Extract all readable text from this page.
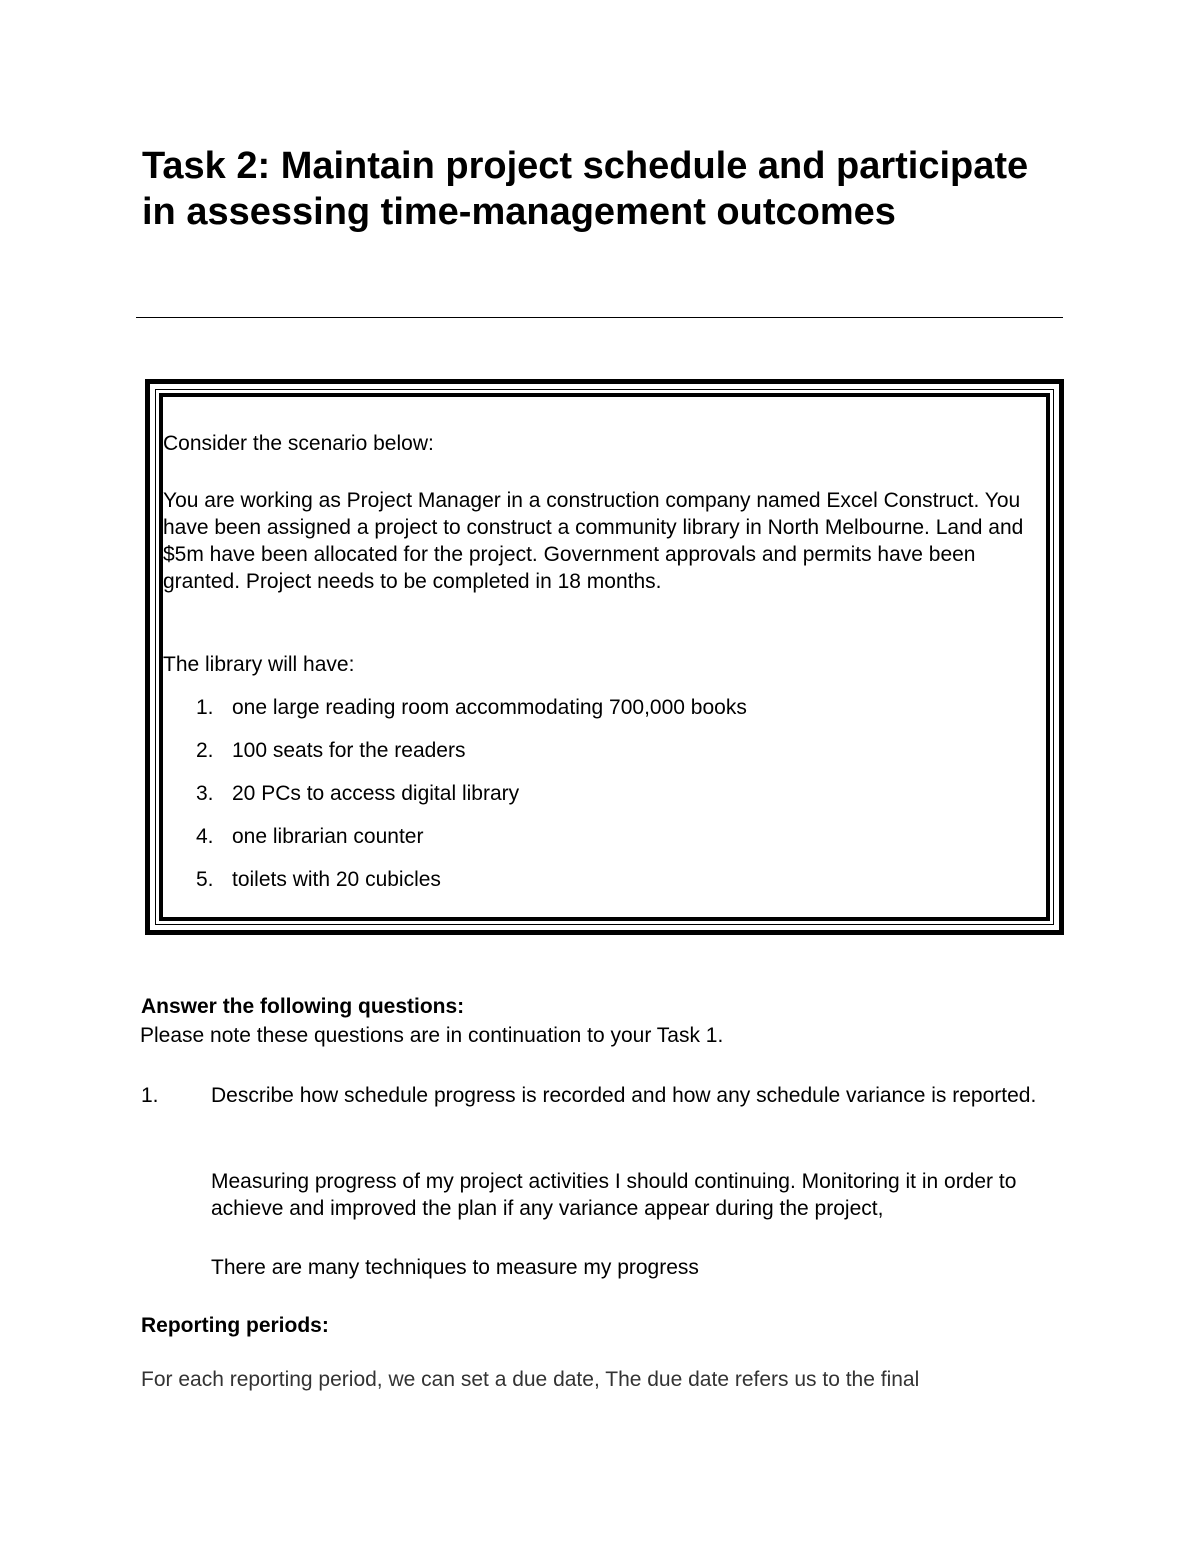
Task 2: Maintain project schedule and participate in assessing time-management outcomes

Consider the scenario below:

You are working as Project Manager in a construction company named Excel Construct. You have been assigned a project to construct a community library in North Melbourne. Land and $5m have been allocated for the project. Government approvals and permits have been granted. Project needs to be completed in 18 months.

The library will have:

1. one large reading room accommodating 700,000 books
2. 100 seats for the readers
3. 20 PCs to access digital library
4. one librarian counter
5. toilets with 20 cubicles

Answer the following questions:

Please note these questions are in continuation to your Task 1.

1. Describe how schedule progress is recorded and how any schedule variance is reported.

Measuring progress of my project activities I should continuing. Monitoring it in order to achieve and improved the plan if any variance appear during the project,

There are many techniques to measure my progress

Reporting periods:

For each reporting period, we can set a due date, The due date refers us to the final
